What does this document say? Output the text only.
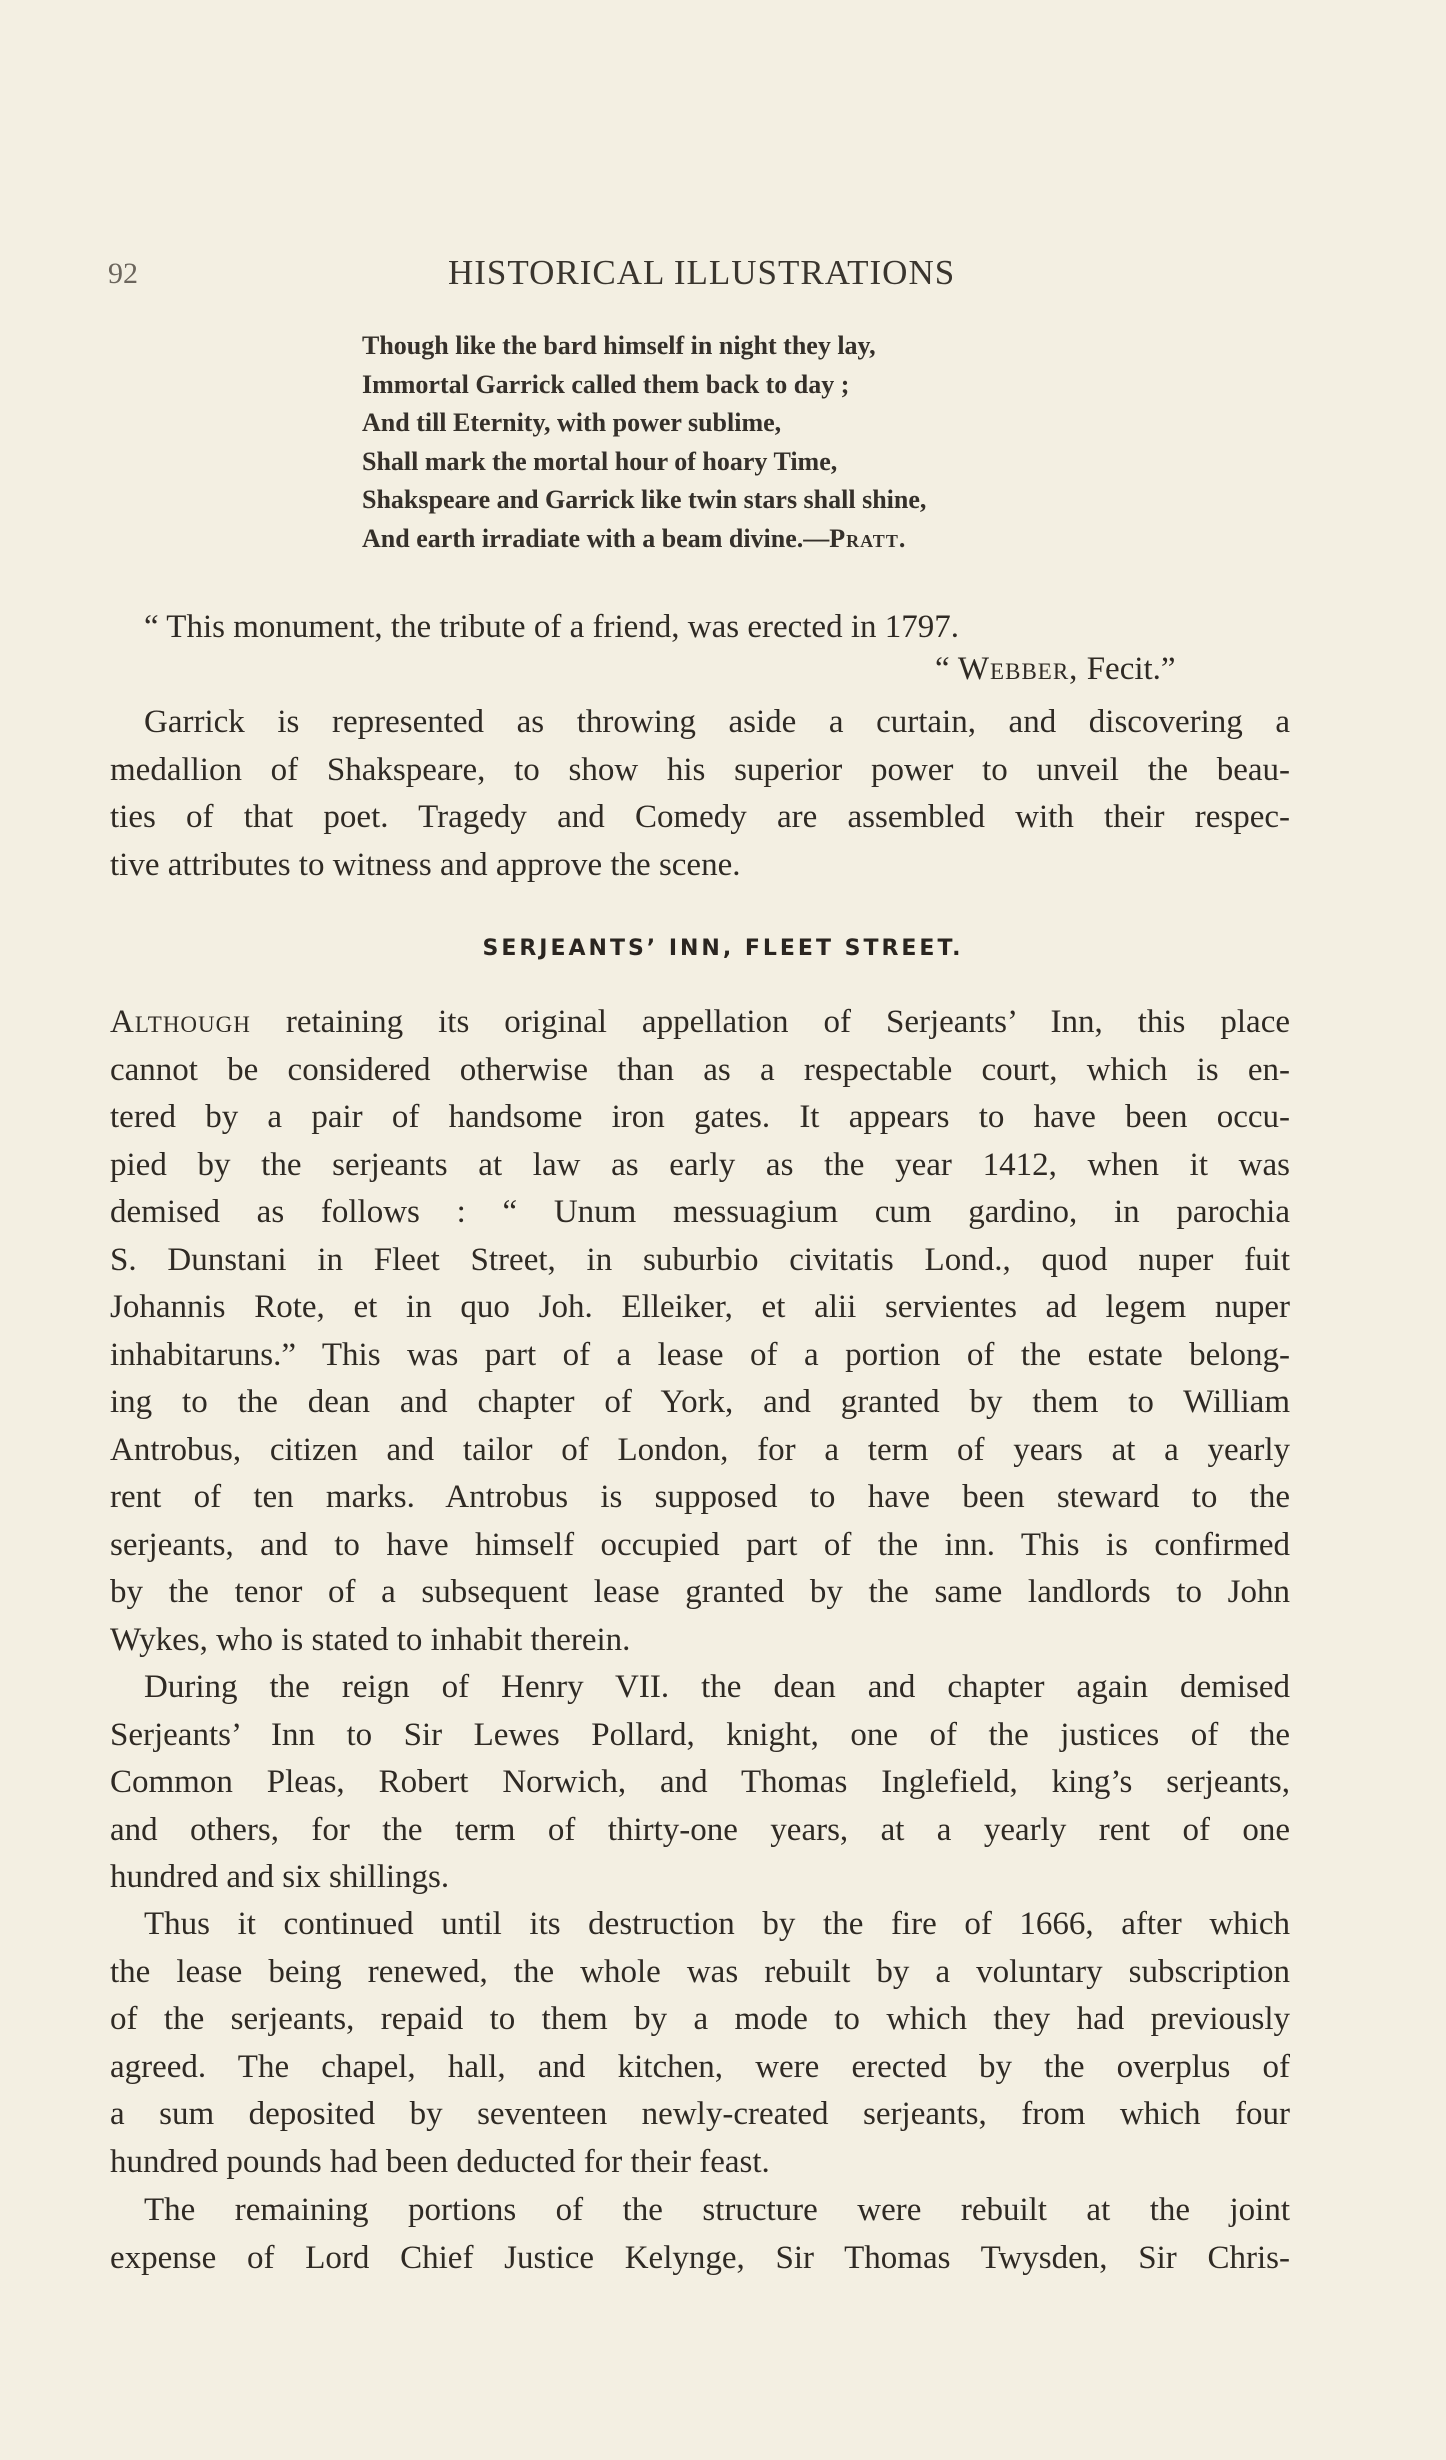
92	HISTORICAL ILLUSTRATIONS
Though like the bard himself in night they lay,
Immortal Garrick called them back to day ;
And till Eternity, with power sublime,
Shall mark the mortal hour of hoary Time,
Shakspeare and Garrick like twin stars shall shine,
And earth irradiate with a beam divine.—Pratt.
“ This monument, the tribute of a friend, was erected in 1797.
“ Webber, Fecit.”
Garrick is represented as throwing aside a curtain, and discovering a
medallion of Shakspeare, to show his superior power to unveil the beau-
ties of that poet. Tragedy and Comedy are assembled with their respec-
tive attributes to witness and approve the scene.
SERJEANTS’ INN, FLEET STREET.
Although retaining its original appellation of Serjeants’ Inn, this place
cannot be considered otherwise than as a respectable court, which is en-
tered by a pair of handsome iron gates. It appears to have been occu-
pied by the serjeants at law as early as the year 1412, when it was
demised as follows : “ Unum messuagium cum gardino, in parochia
S. Dunstani in Fleet Street, in suburbio civitatis Lond., quod nuper fuit
Johannis Rote, et in quo Joh. Elleiker, et alii servientes ad legem nuper
inhabitaruns.” This was part of a lease of a portion of the estate belong-
ing to the dean and chapter of York, and granted by them to William
Antrobus, citizen and tailor of London, for a term of years at a yearly
rent of ten marks. Antrobus is supposed to have been steward to the
serjeants, and to have himself occupied part of the inn. This is confirmed
by the tenor of a subsequent lease granted by the same landlords to John
Wykes, who is stated to inhabit therein.
During the reign of Henry VII. the dean and chapter again demised
Serjeants’ Inn to Sir Lewes Pollard, knight, one of the justices of the
Common Pleas, Robert Norwich, and Thomas Inglefield, king’s serjeants,
and others, for the term of thirty-one years, at a yearly rent of one
hundred and six shillings.
Thus it continued until its destruction by the fire of 1666, after which
the lease being renewed, the whole was rebuilt by a voluntary subscription
of the serjeants, repaid to them by a mode to which they had previously
agreed. The chapel, hall, and kitchen, were erected by the overplus of
a sum deposited by seventeen newly-created serjeants, from which four
hundred pounds had been deducted for their feast.
The remaining portions of the structure were rebuilt at the joint
expense of Lord Chief Justice Kelynge, Sir Thomas Twysden, Sir Chris-
